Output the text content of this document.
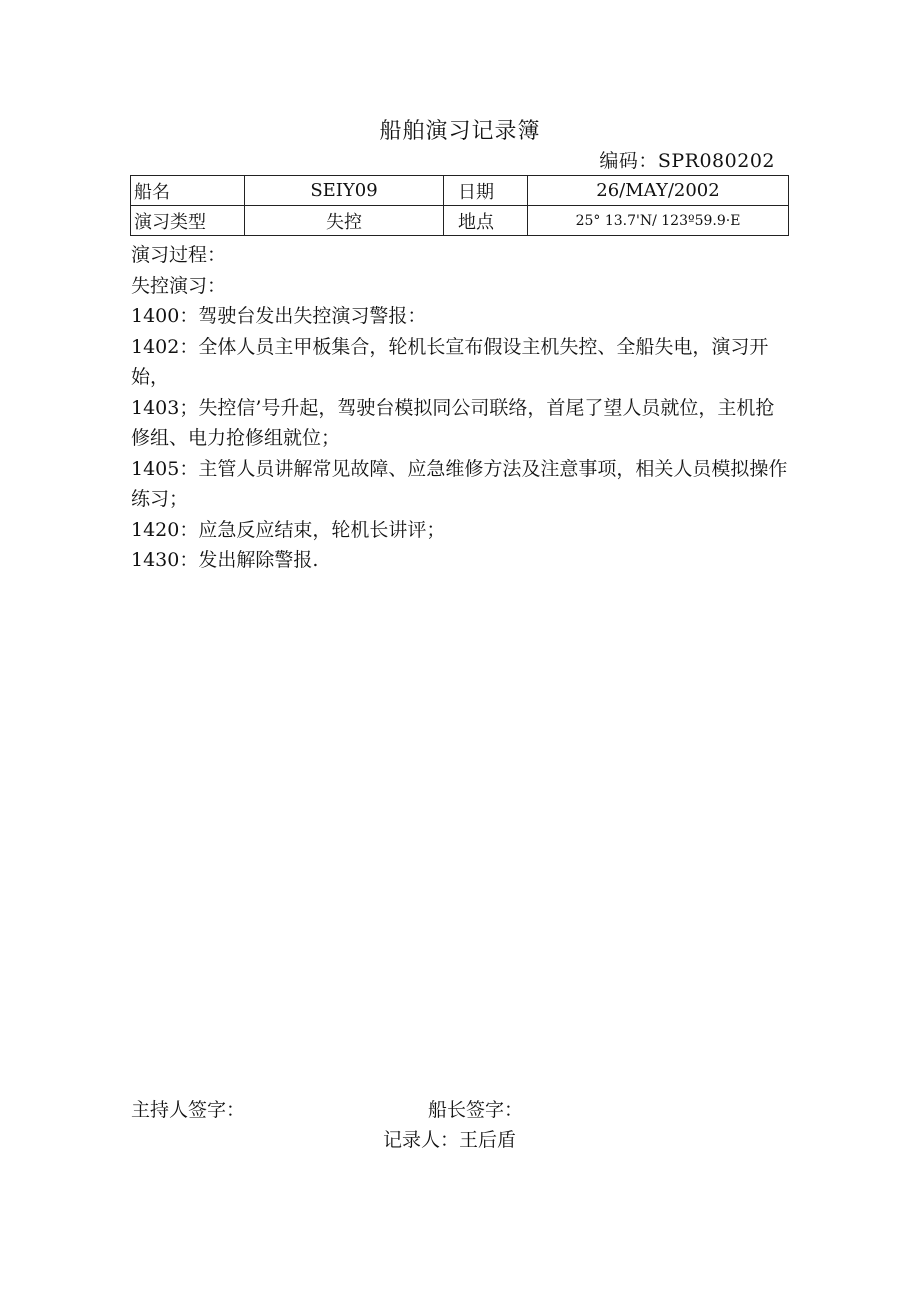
船舶演习记录簿
编码：SPR080202
船名	SEIY09	日期	26/MAY/2002
演习类型	失控	地点	25° 13.7'N/ 123º59.9·E

演习过程：

失控演习：

1400：驾驶台发出失控演习警报：

1402：全体人员主甲板集合，轮机长宣布假设主机失控、全船失电，演习开始，

1403；失控信’号升起，驾驶台模拟同公司联络，首尾了望人员就位，主机抢修组、电力抢修组就位；

1405：主管人员讲解常见故障、应急维修方法及注意事项，相关人员模拟操作练习；

1420：应急反应结束，轮机长讲评；

1430：发出解除警报.

主持人签字：	船长签字：
记录人：王后盾
